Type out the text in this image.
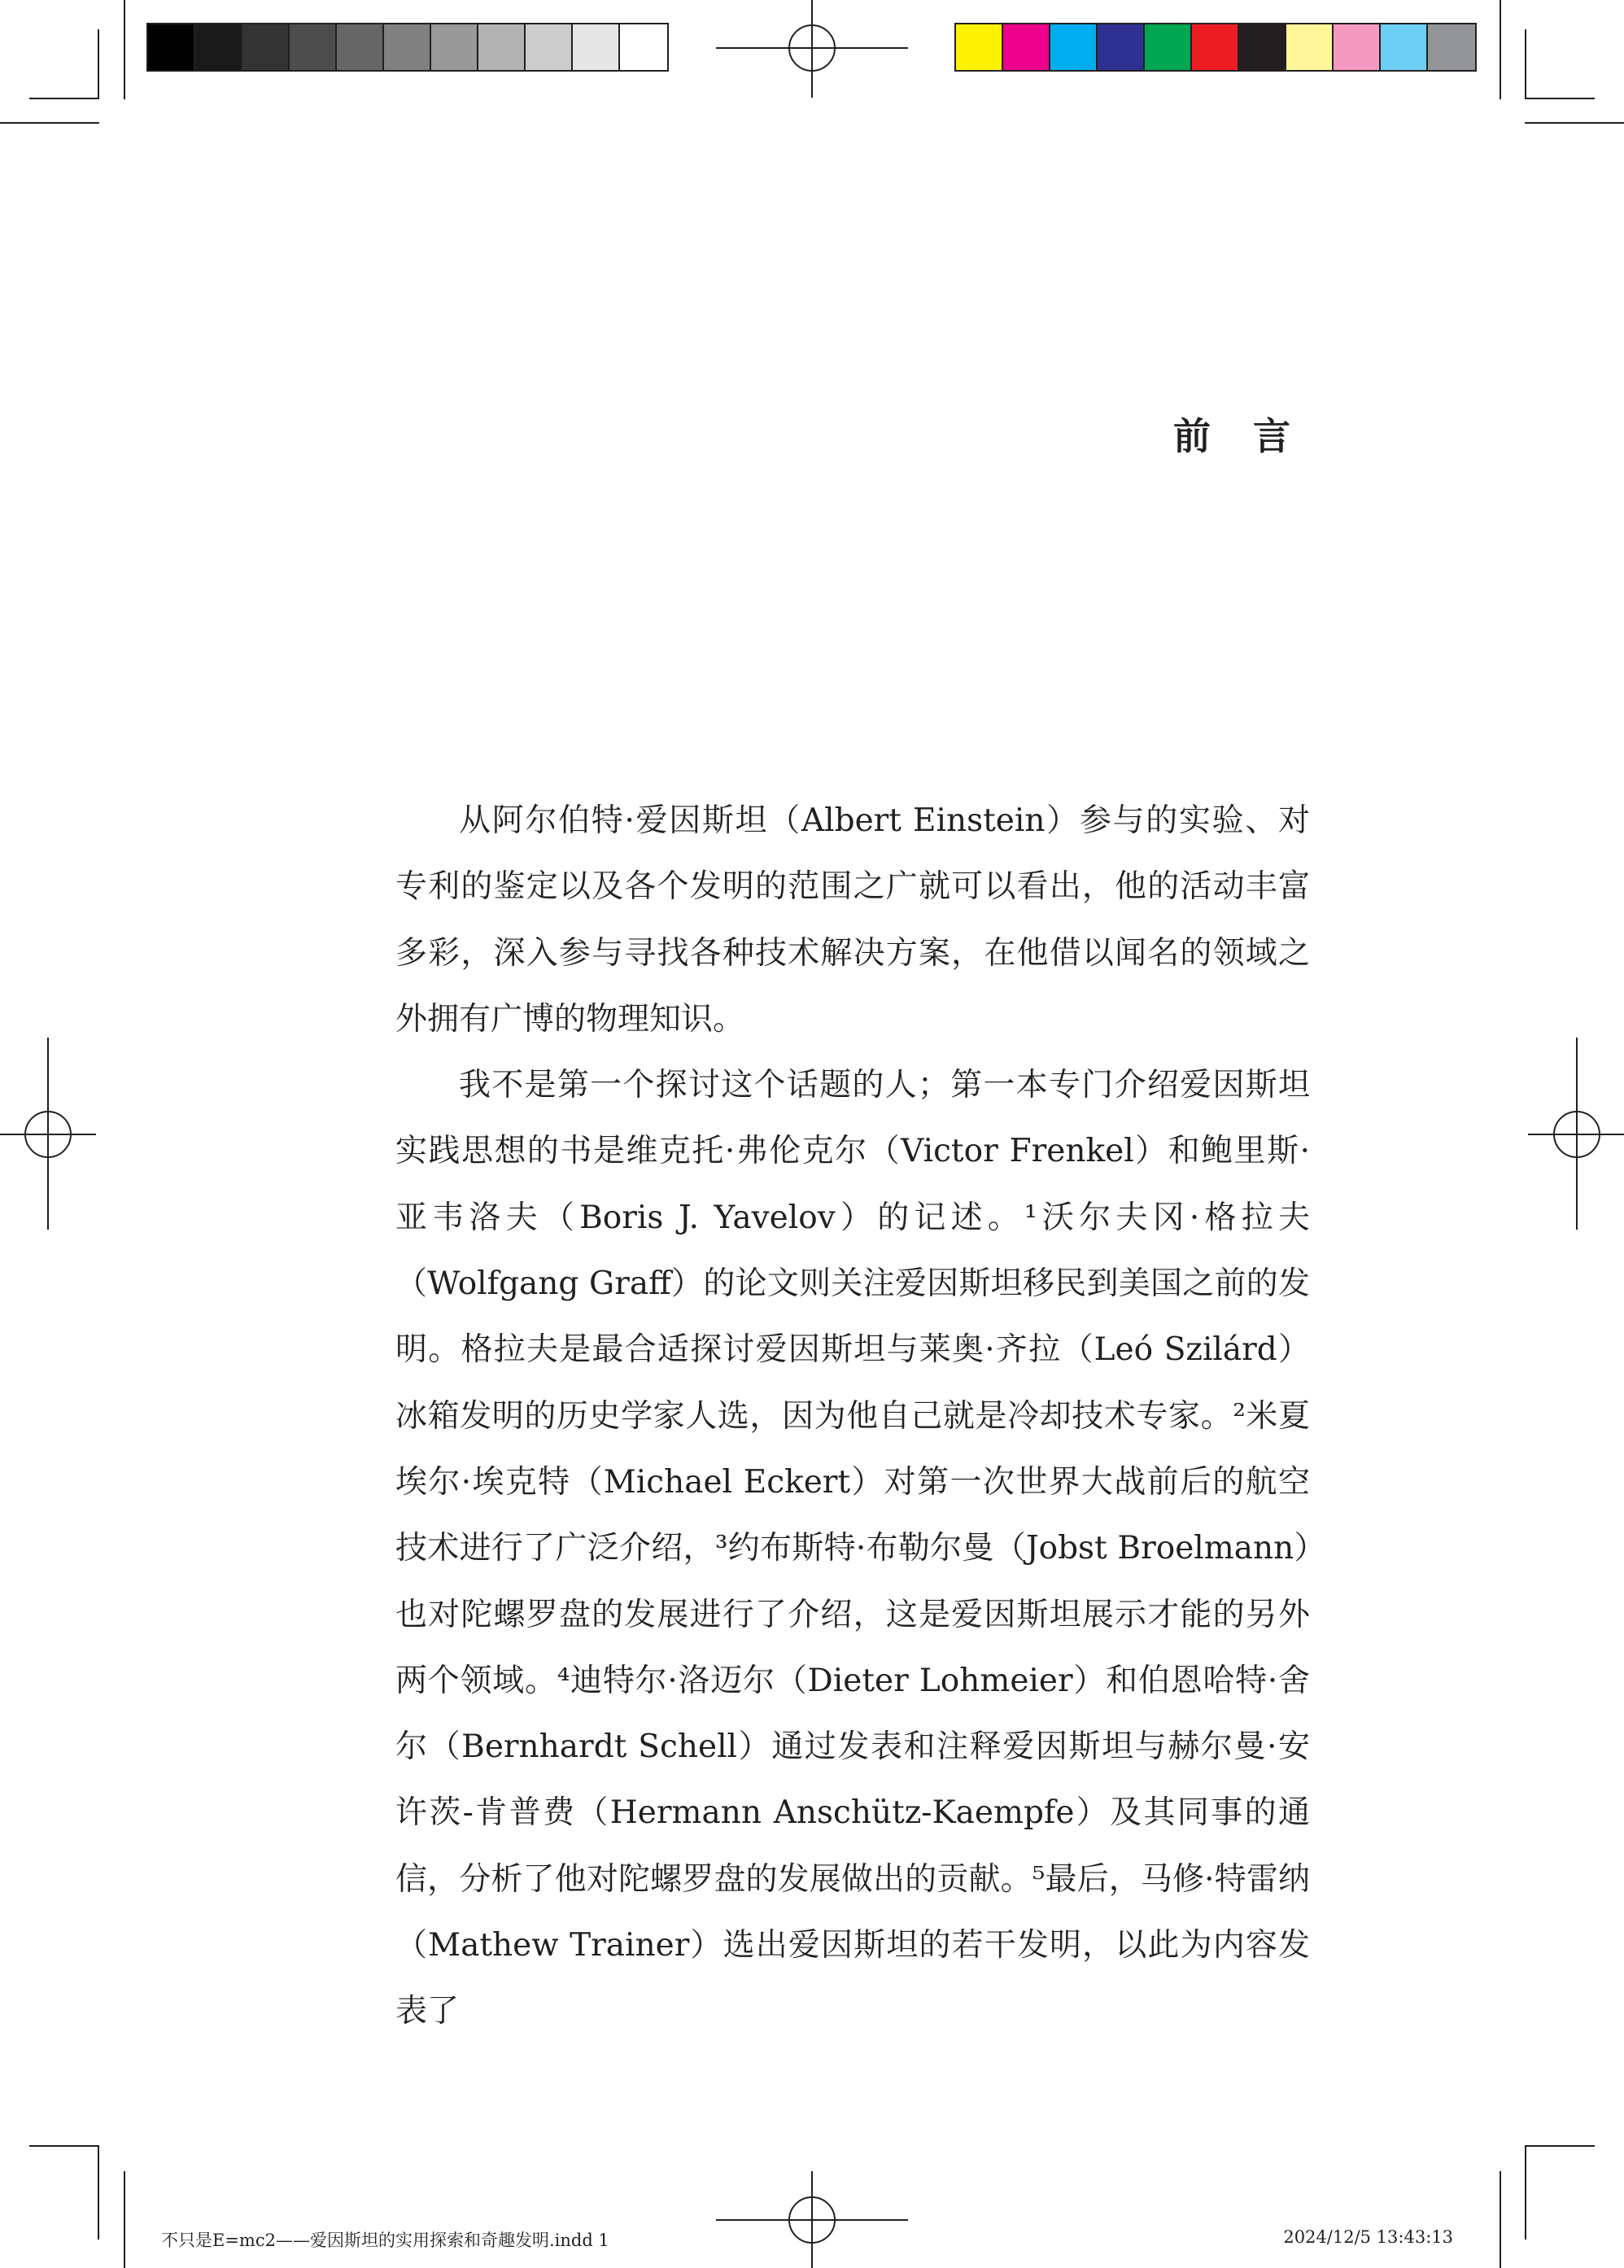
前 言

从阿尔伯特·爱因斯坦（Albert Einstein）参与的实验、对专利的鉴定以及各个发明的范围之广就可以看出，他的活动丰富多彩，深入参与寻找各种技术解决方案，在他借以闻名的领域之外拥有广博的物理知识。

我不是第一个探讨这个话题的人；第一本专门介绍爱因斯坦实践思想的书是维克托·弗伦克尔（Victor Frenkel）和鲍里斯·亚韦洛夫（Boris J. Yavelov）的记述。¹沃尔夫冈·格拉夫（Wolfgang Graff）的论文则关注爱因斯坦移民到美国之前的发明。格拉夫是最合适探讨爱因斯坦与莱奥·齐拉（Leó Szilárd）冰箱发明的历史学家人选，因为他自己就是冷却技术专家。²米夏埃尔·埃克特（Michael Eckert）对第一次世界大战前后的航空技术进行了广泛介绍，³约布斯特·布勒尔曼（Jobst Broelmann）也对陀螺罗盘的发展进行了介绍，这是爱因斯坦展示才能的另外两个领域。⁴迪特尔·洛迈尔（Dieter Lohmeier）和伯恩哈特·舍尔（Bernhardt Schell）通过发表和注释爱因斯坦与赫尔曼·安许茨-肯普费（Hermann Anschütz-Kaempfe）及其同事的通信，分析了他对陀螺罗盘的发展做出的贡献。⁵最后，马修·特雷纳（Mathew Trainer）选出爱因斯坦的若干发明，以此为内容发表了

不只是E=mc2——爱因斯坦的实用探索和奇趣发明.indd 1	2024/12/5 13:43:13
